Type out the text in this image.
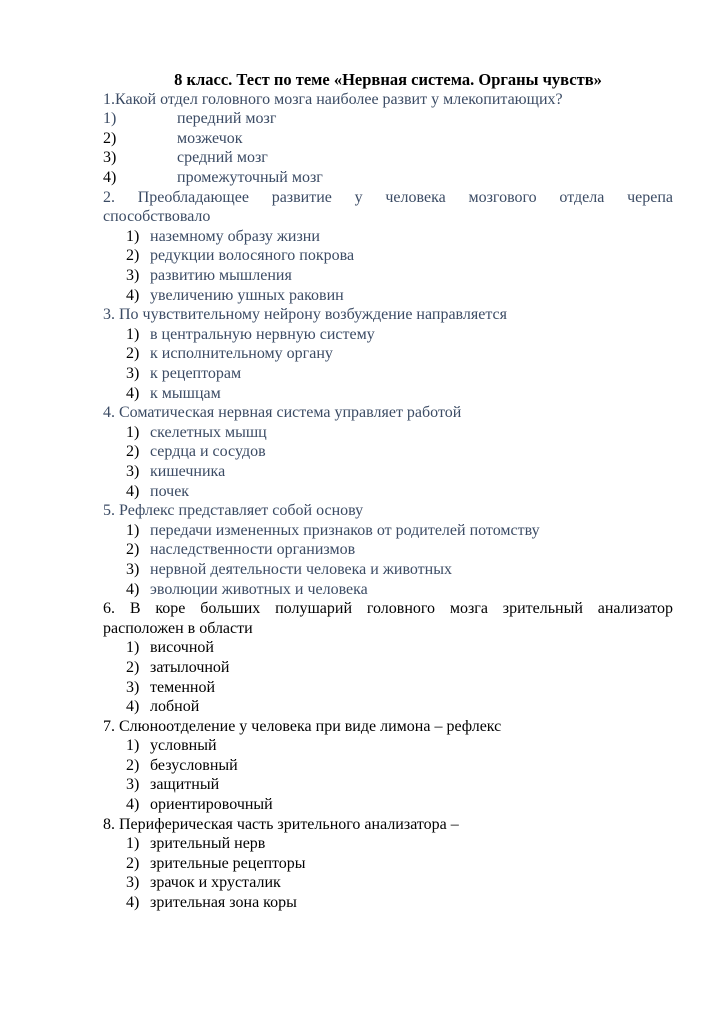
8 класс. Тест по теме «Нервная система. Органы чувств»
1.Какой отдел головного мозга наиболее развит у млекопитающих?
1)	передний мозг
2)	мозжечок
3)	средний мозг
4)	промежуточный мозг
2. Преобладающее развитие у человека мозгового отдела черепа
способствовало
1) наземному образу жизни
2) редукции волосяного покрова
3) развитию мышления
4) увеличению ушных раковин
3. По чувствительному нейрону возбуждение направляется
1) в центральную нервную систему
2) к исполнительному органу
3) к рецепторам
4) к мышцам
4. Соматическая нервная система управляет работой
1) скелетных мышц
2) сердца и сосудов
3) кишечника
4) почек
5. Рефлекс представляет собой основу
1) передачи измененных признаков от родителей потомству
2) наследственности организмов
3) нервной деятельности человека и животных
4) эволюции животных и человека
6. В коре больших полушарий головного мозга зрительный анализатор
расположен в области
1) височной
2) затылочной
3) теменной
4) лобной
7. Слюноотделение у человека при виде лимона – рефлекс
1) условный
2) безусловный
3) защитный
4) ориентировочный
8. Периферическая часть зрительного анализатора –
1) зрительный нерв
2) зрительные рецепторы
3) зрачок и хрусталик
4) зрительная зона коры
